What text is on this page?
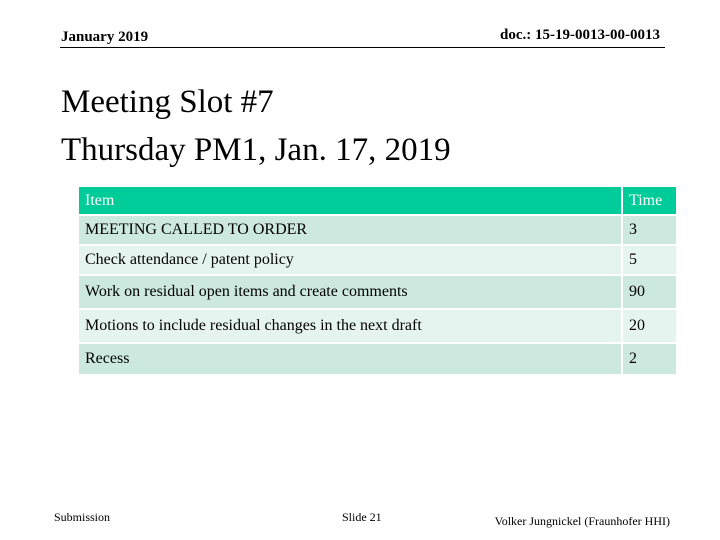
January 2019	doc.: 15-19-0013-00-0013
Meeting Slot #7
Thursday PM1, Jan. 17, 2019
Item	Time
MEETING CALLED TO ORDER	3
Check attendance / patent policy	5
Work on residual open items and create comments	90
Motions to include residual changes in the next draft	20
Recess	2
Submission	Slide 21	Volker Jungnickel (Fraunhofer HHI)
